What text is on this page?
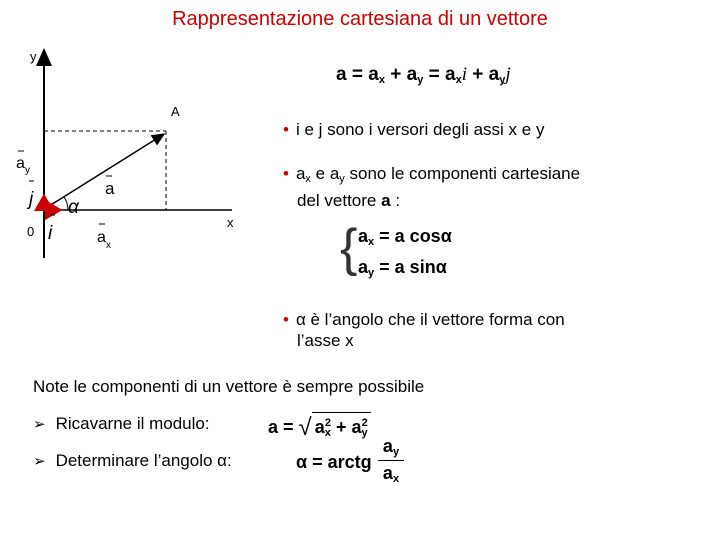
Rappresentazione cartesiana di un vettore
y
A
x
0
a
a y
a x
i
j α
$a = a_x + a_y = a_xi + a_yj$
• i e j sono i versori degli assi x e y
• $a_x$ e $a_y$ sono le componenti cartesiane
del vettore a :
{ $a_x = a$ cosα
$a_y = a$ sinα
• α è l’angolo che il vettore forma con
l’asse x
Note le componenti di un vettore è sempre possibile
➢ Ricavarne il modulo:
➢ Determinare l’angolo α:
a = √ $a_x^2 + a_y^2$
α = arctg
$a_y$
$a_x$
